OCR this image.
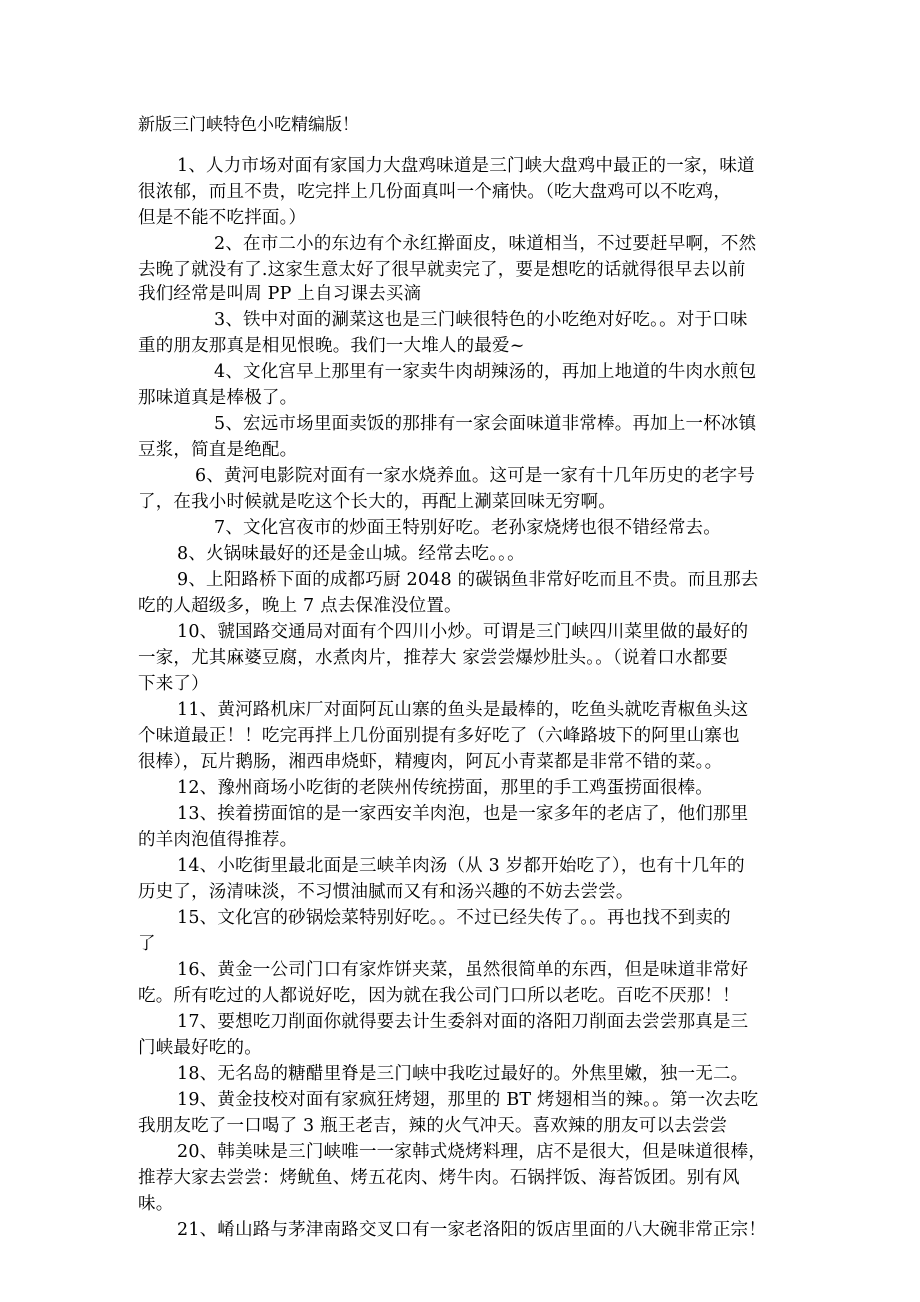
新版三门峡特色小吃精编版！
1、人力市场对面有家国力大盘鸡味道是三门峡大盘鸡中最正的一家，味道
很浓郁，而且不贵，吃完拌上几份面真叫一个痛快。（吃大盘鸡可以不吃鸡，
但是不能不吃拌面。）
2、在市二小的东边有个永红擀面皮，味道相当，不过要赶早啊，不然
去晚了就没有了.这家生意太好了很早就卖完了，要是想吃的话就得很早去以前
我们经常是叫周 PP 上自习课去买滴
3、铁中对面的涮菜这也是三门峡很特色的小吃绝对好吃。。对于口味
重的朋友那真是相见恨晚。我们一大堆人的最爱~
4、文化宫早上那里有一家卖牛肉胡辣汤的，再加上地道的牛肉水煎包
那味道真是棒极了。
5、宏远市场里面卖饭的那排有一家会面味道非常棒。再加上一杯冰镇
豆浆，简直是绝配。
6、黄河电影院对面有一家水烧养血。这可是一家有十几年历史的老字号
了，在我小时候就是吃这个长大的，再配上涮菜回味无穷啊。
7、文化宫夜市的炒面王特别好吃。老孙家烧烤也很不错经常去。
8、火锅味最好的还是金山城。经常去吃。。。
9、上阳路桥下面的成都巧厨 2048 的碳锅鱼非常好吃而且不贵。而且那去
吃的人超级多，晚上 7 点去保准没位置。
10、虢国路交通局对面有个四川小炒。可谓是三门峡四川菜里做的最好的
一家，尤其麻婆豆腐，水煮肉片，推荐大 家尝尝爆炒肚头。。（说着口水都要
下来了）
11、黄河路机床厂对面阿瓦山寨的鱼头是最棒的，吃鱼头就吃青椒鱼头这
个味道最正！！吃完再拌上几份面别提有多好吃了（六峰路坡下的阿里山寨也
很棒），瓦片鹅肠，湘西串烧虾，精瘦肉，阿瓦小青菜都是非常不错的菜。。
12、豫州商场小吃街的老陕州传统捞面，那里的手工鸡蛋捞面很棒。
13、挨着捞面馆的是一家西安羊肉泡，也是一家多年的老店了，他们那里
的羊肉泡值得推荐。
14、小吃街里最北面是三峡羊肉汤（从 3 岁都开始吃了），也有十几年的
历史了，汤清味淡，不习惯油腻而又有和汤兴趣的不妨去尝尝。
15、文化宫的砂锅烩菜特别好吃。。不过已经失传了。。再也找不到卖的
了
16、黄金一公司门口有家炸饼夹菜，虽然很简单的东西，但是味道非常好
吃。所有吃过的人都说好吃，因为就在我公司门口所以老吃。百吃不厌那！！
17、要想吃刀削面你就得要去计生委斜对面的洛阳刀削面去尝尝那真是三
门峡最好吃的。
18、无名岛的糖醋里脊是三门峡中我吃过最好的。外焦里嫩，独一无二。
19、黄金技校对面有家疯狂烤翅，那里的 BT 烤翅相当的辣。。第一次去吃
我朋友吃了一口喝了 3 瓶王老吉，辣的火气冲天。喜欢辣的朋友可以去尝尝
20、韩美味是三门峡唯一一家韩式烧烤料理，店不是很大，但是味道很棒，
推荐大家去尝尝：烤鱿鱼、烤五花肉、烤牛肉。石锅拌饭、海苔饭团。别有风
味。
21、崤山路与茅津南路交叉口有一家老洛阳的饭店里面的八大碗非常正宗！
